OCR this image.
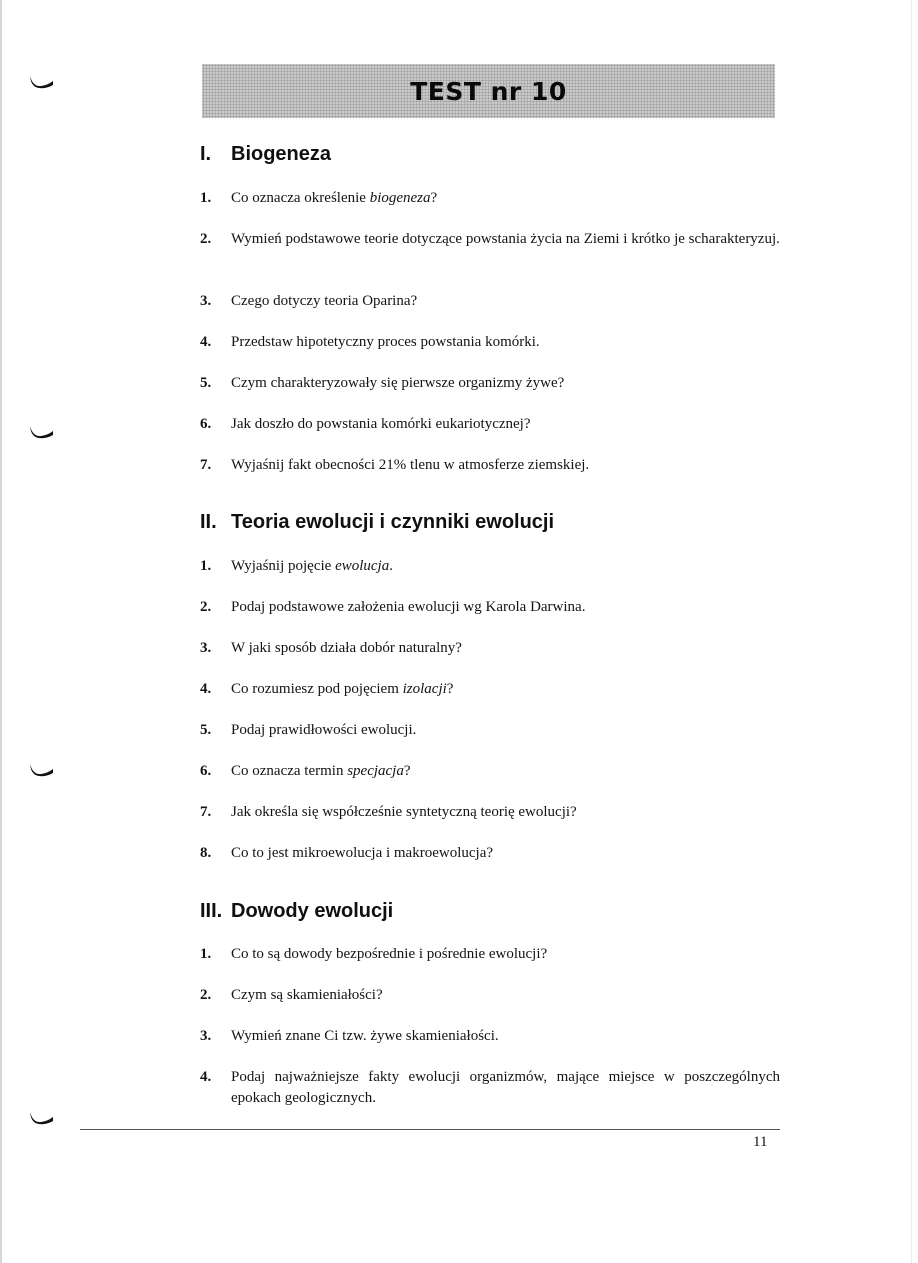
TEST nr 10
I. Biogeneza
1. Co oznacza określenie biogeneza?
2. Wymień podstawowe teorie dotyczące powstania życia na Ziemi i krótko je scharakteryzuj.
3. Czego dotyczy teoria Oparina?
4. Przedstaw hipotetyczny proces powstania komórki.
5. Czym charakteryzowały się pierwsze organizmy żywe?
6. Jak doszło do powstania komórki eukariotycznej?
7. Wyjaśnij fakt obecności 21% tlenu w atmosferze ziemskiej.
II. Teoria ewolucji i czynniki ewolucji
1. Wyjaśnij pojęcie ewolucja.
2. Podaj podstawowe założenia ewolucji wg Karola Darwina.
3. W jaki sposób działa dobór naturalny?
4. Co rozumiesz pod pojęciem izolacji?
5. Podaj prawidłowości ewolucji.
6. Co oznacza termin specjacja?
7. Jak określa się współcześnie syntetyczną teorię ewolucji?
8. Co to jest mikroewolucja i makroewolucja?
III. Dowody ewolucji
1. Co to są dowody bezpośrednie i pośrednie ewolucji?
2. Czym są skamieniałości?
3. Wymień znane Ci tzw. żywe skamieniałości.
4. Podaj najważniejsze fakty ewolucji organizmów, mające miejsce w poszczególnych epokach geologicznych.
11
